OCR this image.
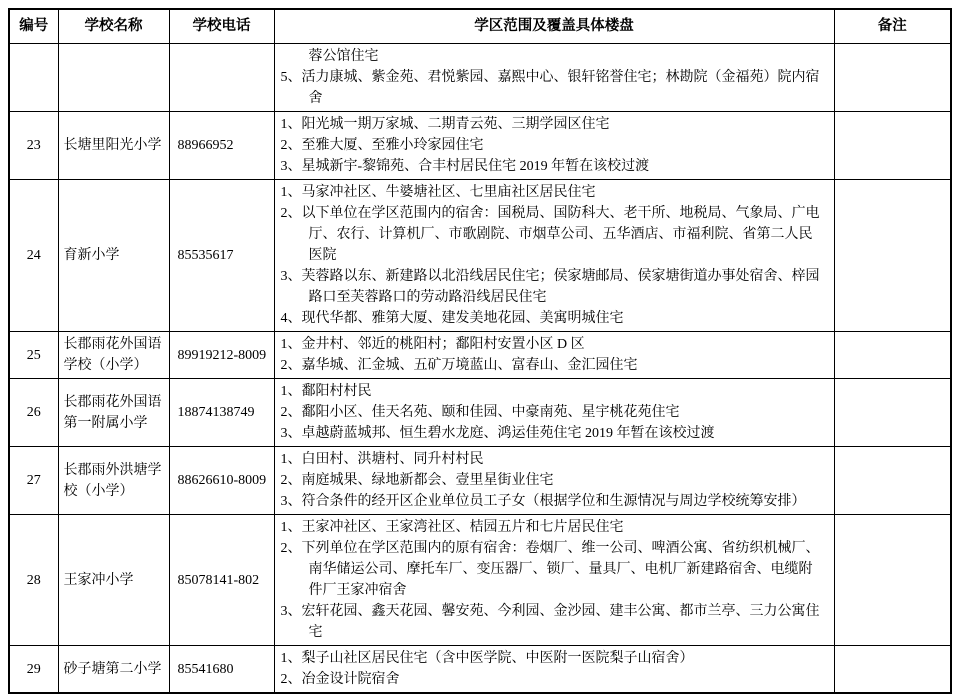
编号	学校名称	学校电话	学区范围及覆盖具体楼盘	备注

			蓉公馆住宅
5、活力康城、紫金苑、君悦紫园、嘉熙中心、银轩铭誉住宅；林勘院（金福苑）院内宿舍	

23	长塘里阳光小学	88966952	1、阳光城一期万家城、二期青云苑、三期学园区住宅
2、至雅大厦、至雅小玲家园住宅
3、星城新宇-黎锦苑、合丰村居民住宅 2019 年暂在该校过渡	

24	育新小学	85535617	1、马家冲社区、牛婆塘社区、七里庙社区居民住宅
2、以下单位在学区范围内的宿舍：国税局、国防科大、老干所、地税局、气象局、广电厅、农行、计算机厂、市歌剧院、市烟草公司、五华酒店、市福利院、省第二人民医院
3、芙蓉路以东、新建路以北沿线居民住宅；侯家塘邮局、侯家塘街道办事处宿舍、梓园路口至芙蓉路口的劳动路沿线居民住宅
4、现代华都、雅第大厦、建发美地花园、美寓明城住宅	

25	长郡雨花外国语学校（小学）	89919212-8009	1、金井村、邻近的桃阳村；鄱阳村安置小区 D 区
2、嘉华城、汇金城、五矿万境蓝山、富春山、金汇园住宅	

26	长郡雨花外国语第一附属小学	18874138749	1、鄱阳村村民
2、鄱阳小区、佳天名苑、颐和佳园、中豪南苑、星宇桃花苑住宅
3、卓越蔚蓝城邦、恒生碧水龙庭、鸿运佳苑住宅 2019 年暂在该校过渡	

27	长郡雨外洪塘学校（小学）	88626610-8009	1、白田村、洪塘村、同升村村民
2、南庭城果、绿地新都会、壹里星街业住宅
3、符合条件的经开区企业单位员工子女（根据学位和生源情况与周边学校统筹安排）	

28	王家冲小学	85078141-802	1、王家冲社区、王家湾社区、桔园五片和七片居民住宅
2、下列单位在学区范围内的原有宿舍：卷烟厂、维一公司、啤酒公寓、省纺织机械厂、南华储运公司、摩托车厂、变压器厂、锁厂、量具厂、电机厂新建路宿舍、电缆附件厂王家冲宿舍
3、宏轩花园、鑫天花园、馨安苑、今利园、金沙园、建丰公寓、都市兰亭、三力公寓住宅	

29	砂子塘第二小学	85541680	1、梨子山社区居民住宅（含中医学院、中医附一医院梨子山宿舍）
2、冶金设计院宿舍	
